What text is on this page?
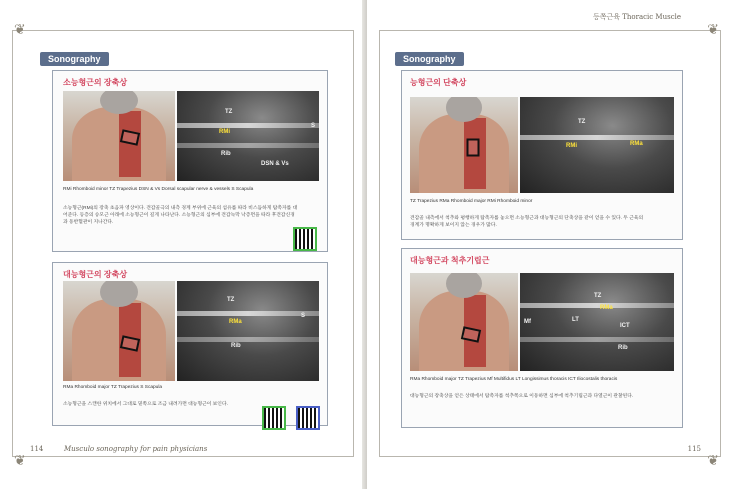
❦
❦
Sonography
소능형근의 장축상
TZ
RMi
S
Rib
DSN & Vs
RMi Rhomboid minor TZ Trapezius DSN & Vs Dorsal scapular nerve & vessels S Scapula
소능형근(RMi)의 장축 초음파 영상이다. 견갑골극의 내측 경계 부위에 근육의 섬유를 따라 비스듬하게 탐촉자를 대
어준다. 등층의 승모근 아래에 소능형근이 길게 나타난다. 소능형근의 심부에 견갑늑막 낙층면을 따라 후견갑신경
과 동반혈관이 지나간다.
대능형근의 장축상
TZ
RMa
S
Rib
RMa Rhomboid major TZ Trapezius S Scapula
소능형근을 스캔한 위치에서 그대로 밑쪽으로 조금 내려가면 대능형근이 보인다.
114	Musculo sonography for pain physicians
❦
❦
등쪽근육 Thoracic Muscle
Sonography
능형근의 단축상
TZ
RMi	RMa
TZ Trapezius RMa Rhomboid major RMi Rhomboid minor
견갑골 내측에서 척추와 평행하게 탐촉자를 놓으면 소능형근과 대능형근의 단축상을 같이 얻을 수 있다. 두 근육의
경계가 명확하게 보이지 않는 경우가 많다.
대능형근과 척추기립근
TZ
RMa
Mf	LT
ICT
Rib
RMa Rhomboid major TZ Trapezius Mf Multifidus LT Longissimus thoracis ICT Iliocostalis thoracis
대능형근의 장축상을 얻은 상태에서 탐촉자를 척추쪽으로 이동하면 심부에 척추기립근과 다열근이 관찰된다.
115
